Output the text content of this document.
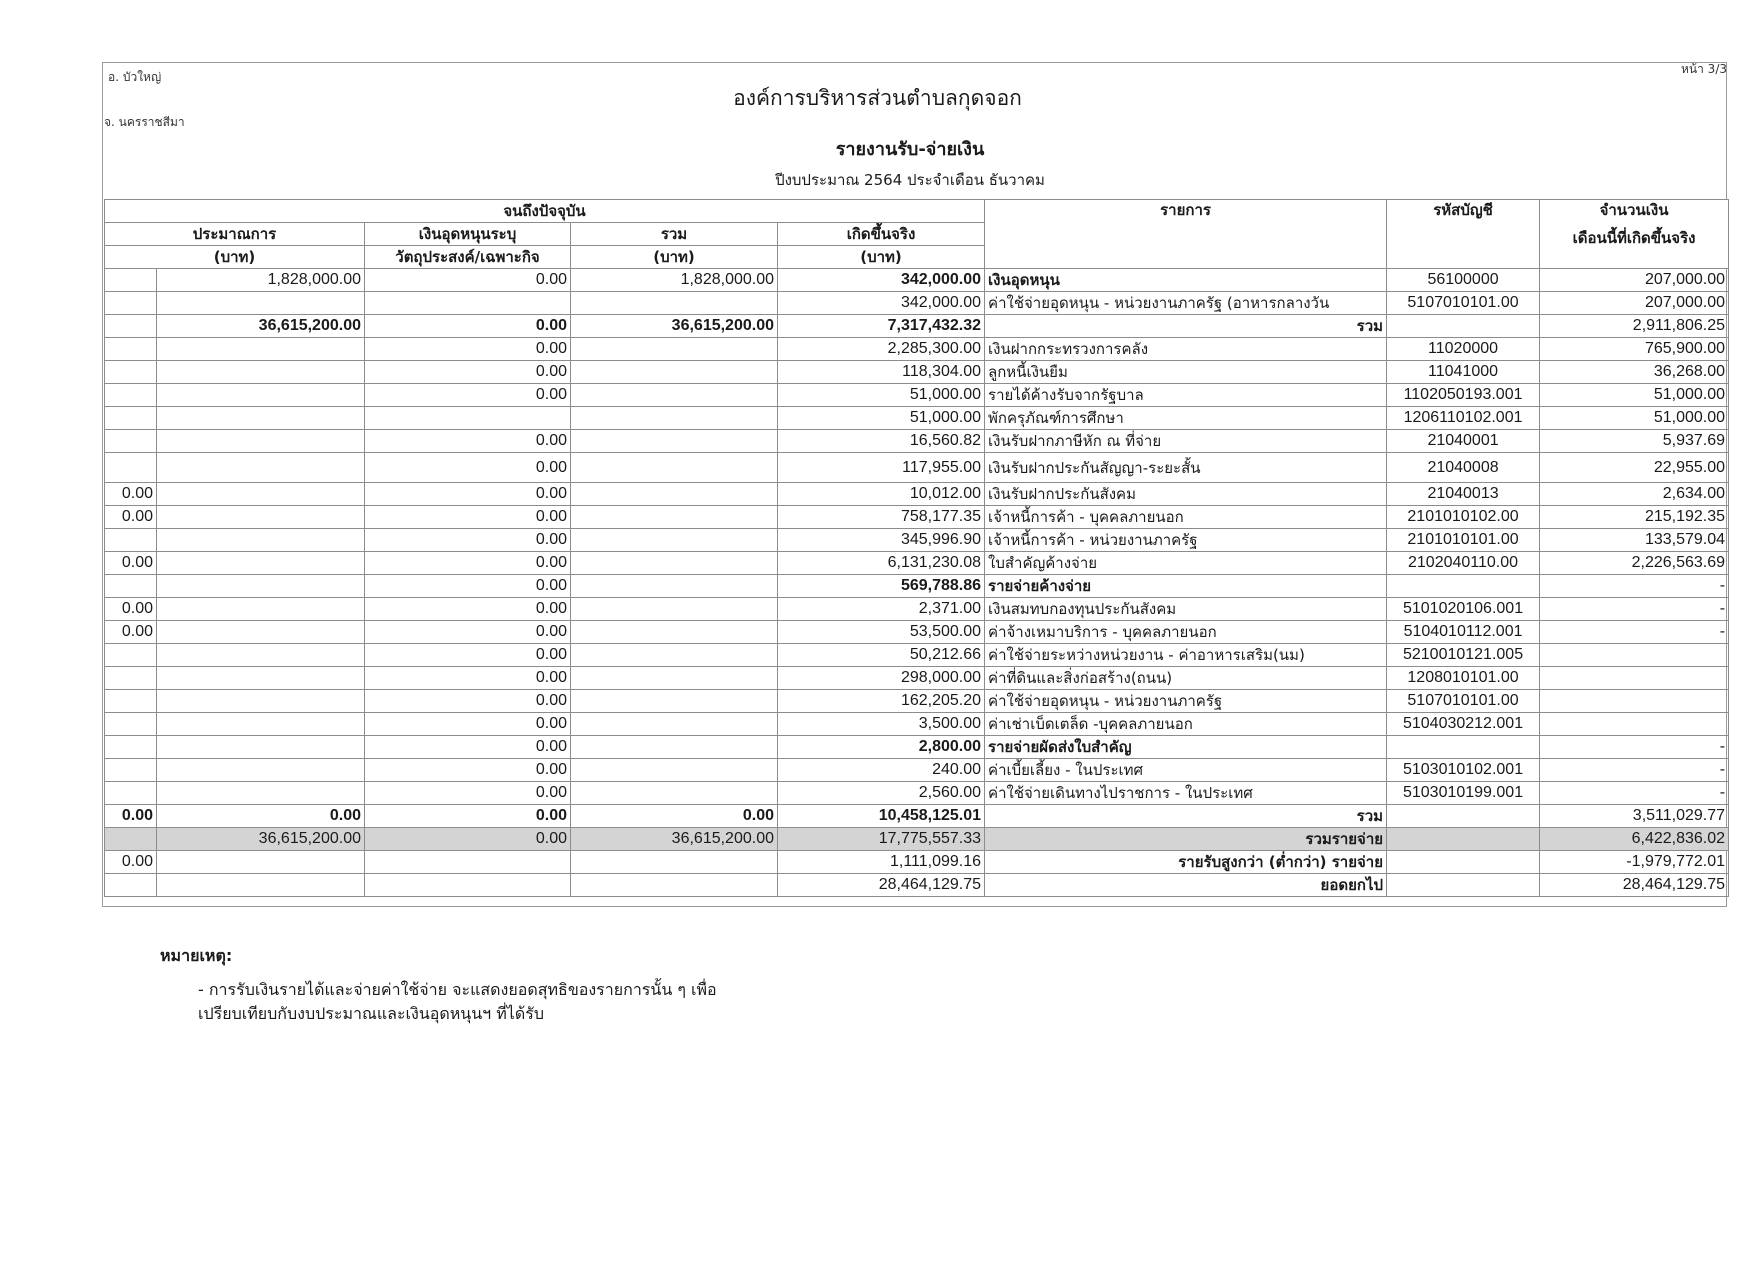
อ. บัวใหญ่
จ. นครราชสีมา
หน้า 3/3
องค์การบริหารส่วนตำบลกุดจอก
รายงานรับ-จ่ายเงิน
ปีงบประมาณ 2564 ประจำเดือน ธันวาคม
จนถึงปัจจุบัน					รายการ	รหัสบัญชี	จำนวนเงิน
เดือนนี้ที่เกิดขึ้นจริง

ประมาณการ		เงินอุดหนุนระบุ	รวม	เกิดขึ้นจริง			
(บาท)		วัตถุประสงค์/เฉพาะกิจ	(บาท)	(บาท)			
	1,828,000.00	0.00	1,828,000.00	342,000.00	เงินอุดหนุน	56100000	207,000.00
				342,000.00	ค่าใช้จ่ายอุดหนุน - หน่วยงานภาครัฐ (อาหารกลางวัน	5107010101.00	207,000.00
	36,615,200.00	0.00	36,615,200.00	7,317,432.32	รวม		2,911,806.25
		0.00		2,285,300.00	เงินฝากกระทรวงการคลัง	11020000	765,900.00
		0.00		118,304.00	ลูกหนี้เงินยืม	11041000	36,268.00
		0.00		51,000.00	รายได้ค้างรับจากรัฐบาล	1102050193.001	51,000.00
				51,000.00	พักครุภัณฑ์การศึกษา	1206110102.001	51,000.00
		0.00		16,560.82	เงินรับฝากภาษีหัก ณ ที่จ่าย	21040001	5,937.69
		0.00		117,955.00	เงินรับฝากประกันสัญญา-ระยะสั้น	21040008	22,955.00
0.00		0.00		10,012.00	เงินรับฝากประกันสังคม	21040013	2,634.00
0.00		0.00		758,177.35	เจ้าหนี้การค้า - บุคคลภายนอก	2101010102.00	215,192.35
		0.00		345,996.90	เจ้าหนี้การค้า - หน่วยงานภาครัฐ	2101010101.00	133,579.04
0.00		0.00		6,131,230.08	ใบสำคัญค้างจ่าย	2102040110.00	2,226,563.69
		0.00		569,788.86	รายจ่ายค้างจ่าย		-
0.00		0.00		2,371.00	เงินสมทบกองทุนประกันสังคม	5101020106.001	-
0.00		0.00		53,500.00	ค่าจ้างเหมาบริการ - บุคคลภายนอก	5104010112.001	-
		0.00		50,212.66	ค่าใช้จ่ายระหว่างหน่วยงาน - ค่าอาหารเสริม(นม)	5210010121.005	
		0.00		298,000.00	ค่าที่ดินและสิ่งก่อสร้าง(ถนน)	1208010101.00	
		0.00		162,205.20	ค่าใช้จ่ายอุดหนุน - หน่วยงานภาครัฐ	5107010101.00	
		0.00		3,500.00	ค่าเช่าเบ็ดเตล็ด -บุคคลภายนอก	5104030212.001	
		0.00		2,800.00	รายจ่ายผัดส่งใบสำคัญ		-
		0.00		240.00	ค่าเบี้ยเลี้ยง - ในประเทศ	5103010102.001	-
		0.00		2,560.00	ค่าใช้จ่ายเดินทางไปราชการ - ในประเทศ	5103010199.001	-
0.00	0.00	0.00	0.00	10,458,125.01	รวม		3,511,029.77
	36,615,200.00	0.00	36,615,200.00	17,775,557.33	รวมรายจ่าย		6,422,836.02
0.00				1,111,099.16	รายรับสูงกว่า (ต่ำกว่า) รายจ่าย		-1,979,772.01
				28,464,129.75	ยอดยกไป		28,464,129.75
หมายเหตุ:
- การรับเงินรายได้และจ่ายค่าใช้จ่าย จะแสดงยอดสุทธิของรายการนั้น ๆ เพื่อ
เปรียบเทียบกับงบประมาณและเงินอุดหนุนฯ ที่ได้รับ
